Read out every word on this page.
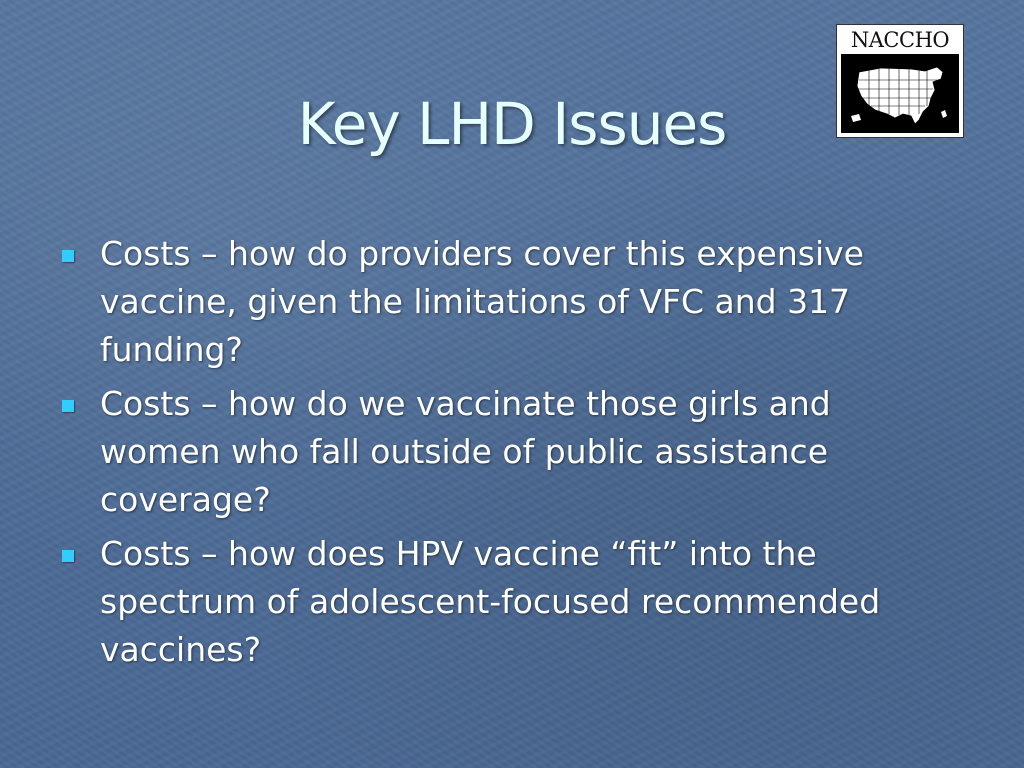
Key LHD Issues
NACCHO
Costs – how do providers cover this expensive vaccine, given the limitations of VFC and 317 funding?
Costs – how do we vaccinate those girls and women who fall outside of public assistance coverage?
Costs – how does HPV vaccine “fit” into the spectrum of adolescent-focused recommended vaccines?
